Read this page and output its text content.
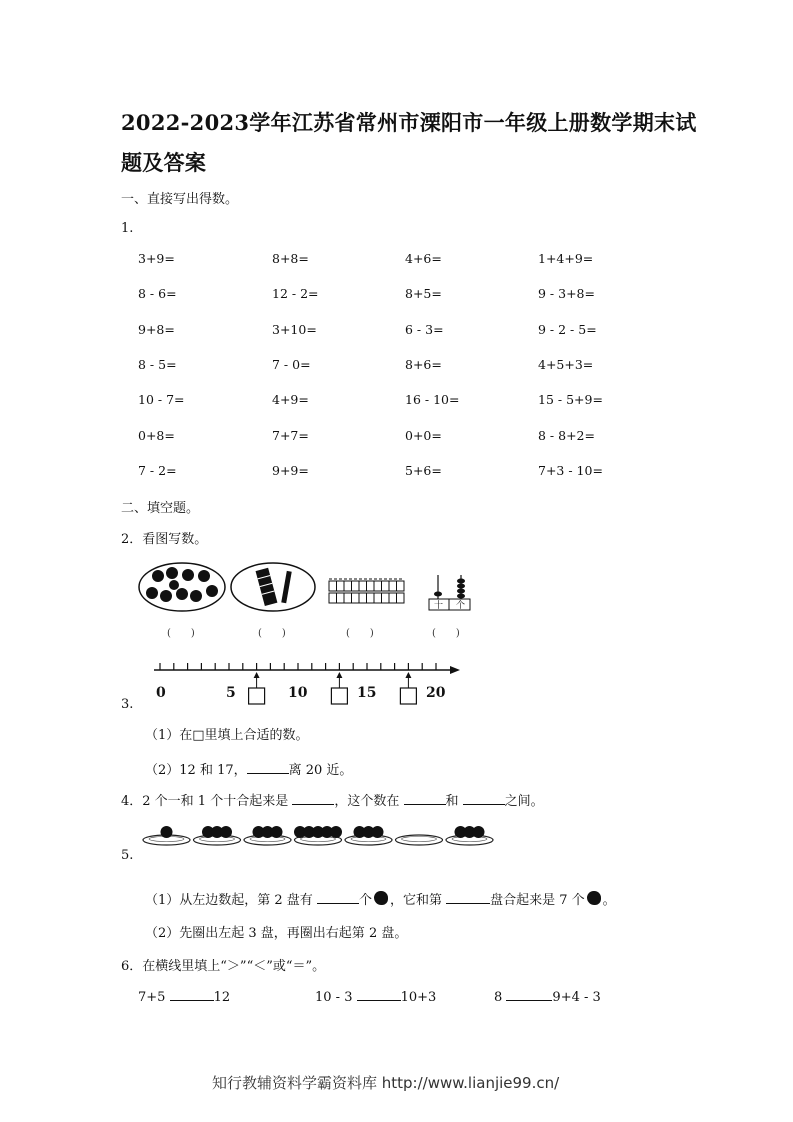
2022-2023学年江苏省常州市溧阳市一年级上册数学期末试
题及答案
一、直接写出得数。
1.
3+9=	8+8=	4+6=	1+4+9=
8 - 6=	12 - 2=	8+5=	9 - 3+8=
9+8=	3+10=	6 - 3=	9 - 2 - 5=
8 - 5=	7 - 0=	8+6=	4+5+3=
10 - 7=	4+9=	16 - 10=	15 - 5+9=
0+8=	7+7=	0+0=	8 - 8+2=
7 - 2=	9+9=	5+6=	7+3 - 10=
二、填空题。
2．看图写数。
十 个
(　　)	(　　)	(　　)	(　　)
0	5	10	15	20
3.
（1）在□里填上合适的数。
（2）12 和 17，	离 20 近。
4．2 个一和 1 个十合起来是	，这个数在	和	之间。
5.
（1）从左边数起，第 2 盘有	个 ，它和第	盘合起来是 7 个 。
（2）先圈出左起 3 盘，再圈出右起第 2 盘。
6．在横线里填上“＞”“＜”或“＝”。
7+5	12	10 - 3	10+3	8	9+4 - 3
知行教辅资料学霸资料库 http://www.lianjie99.cn/
